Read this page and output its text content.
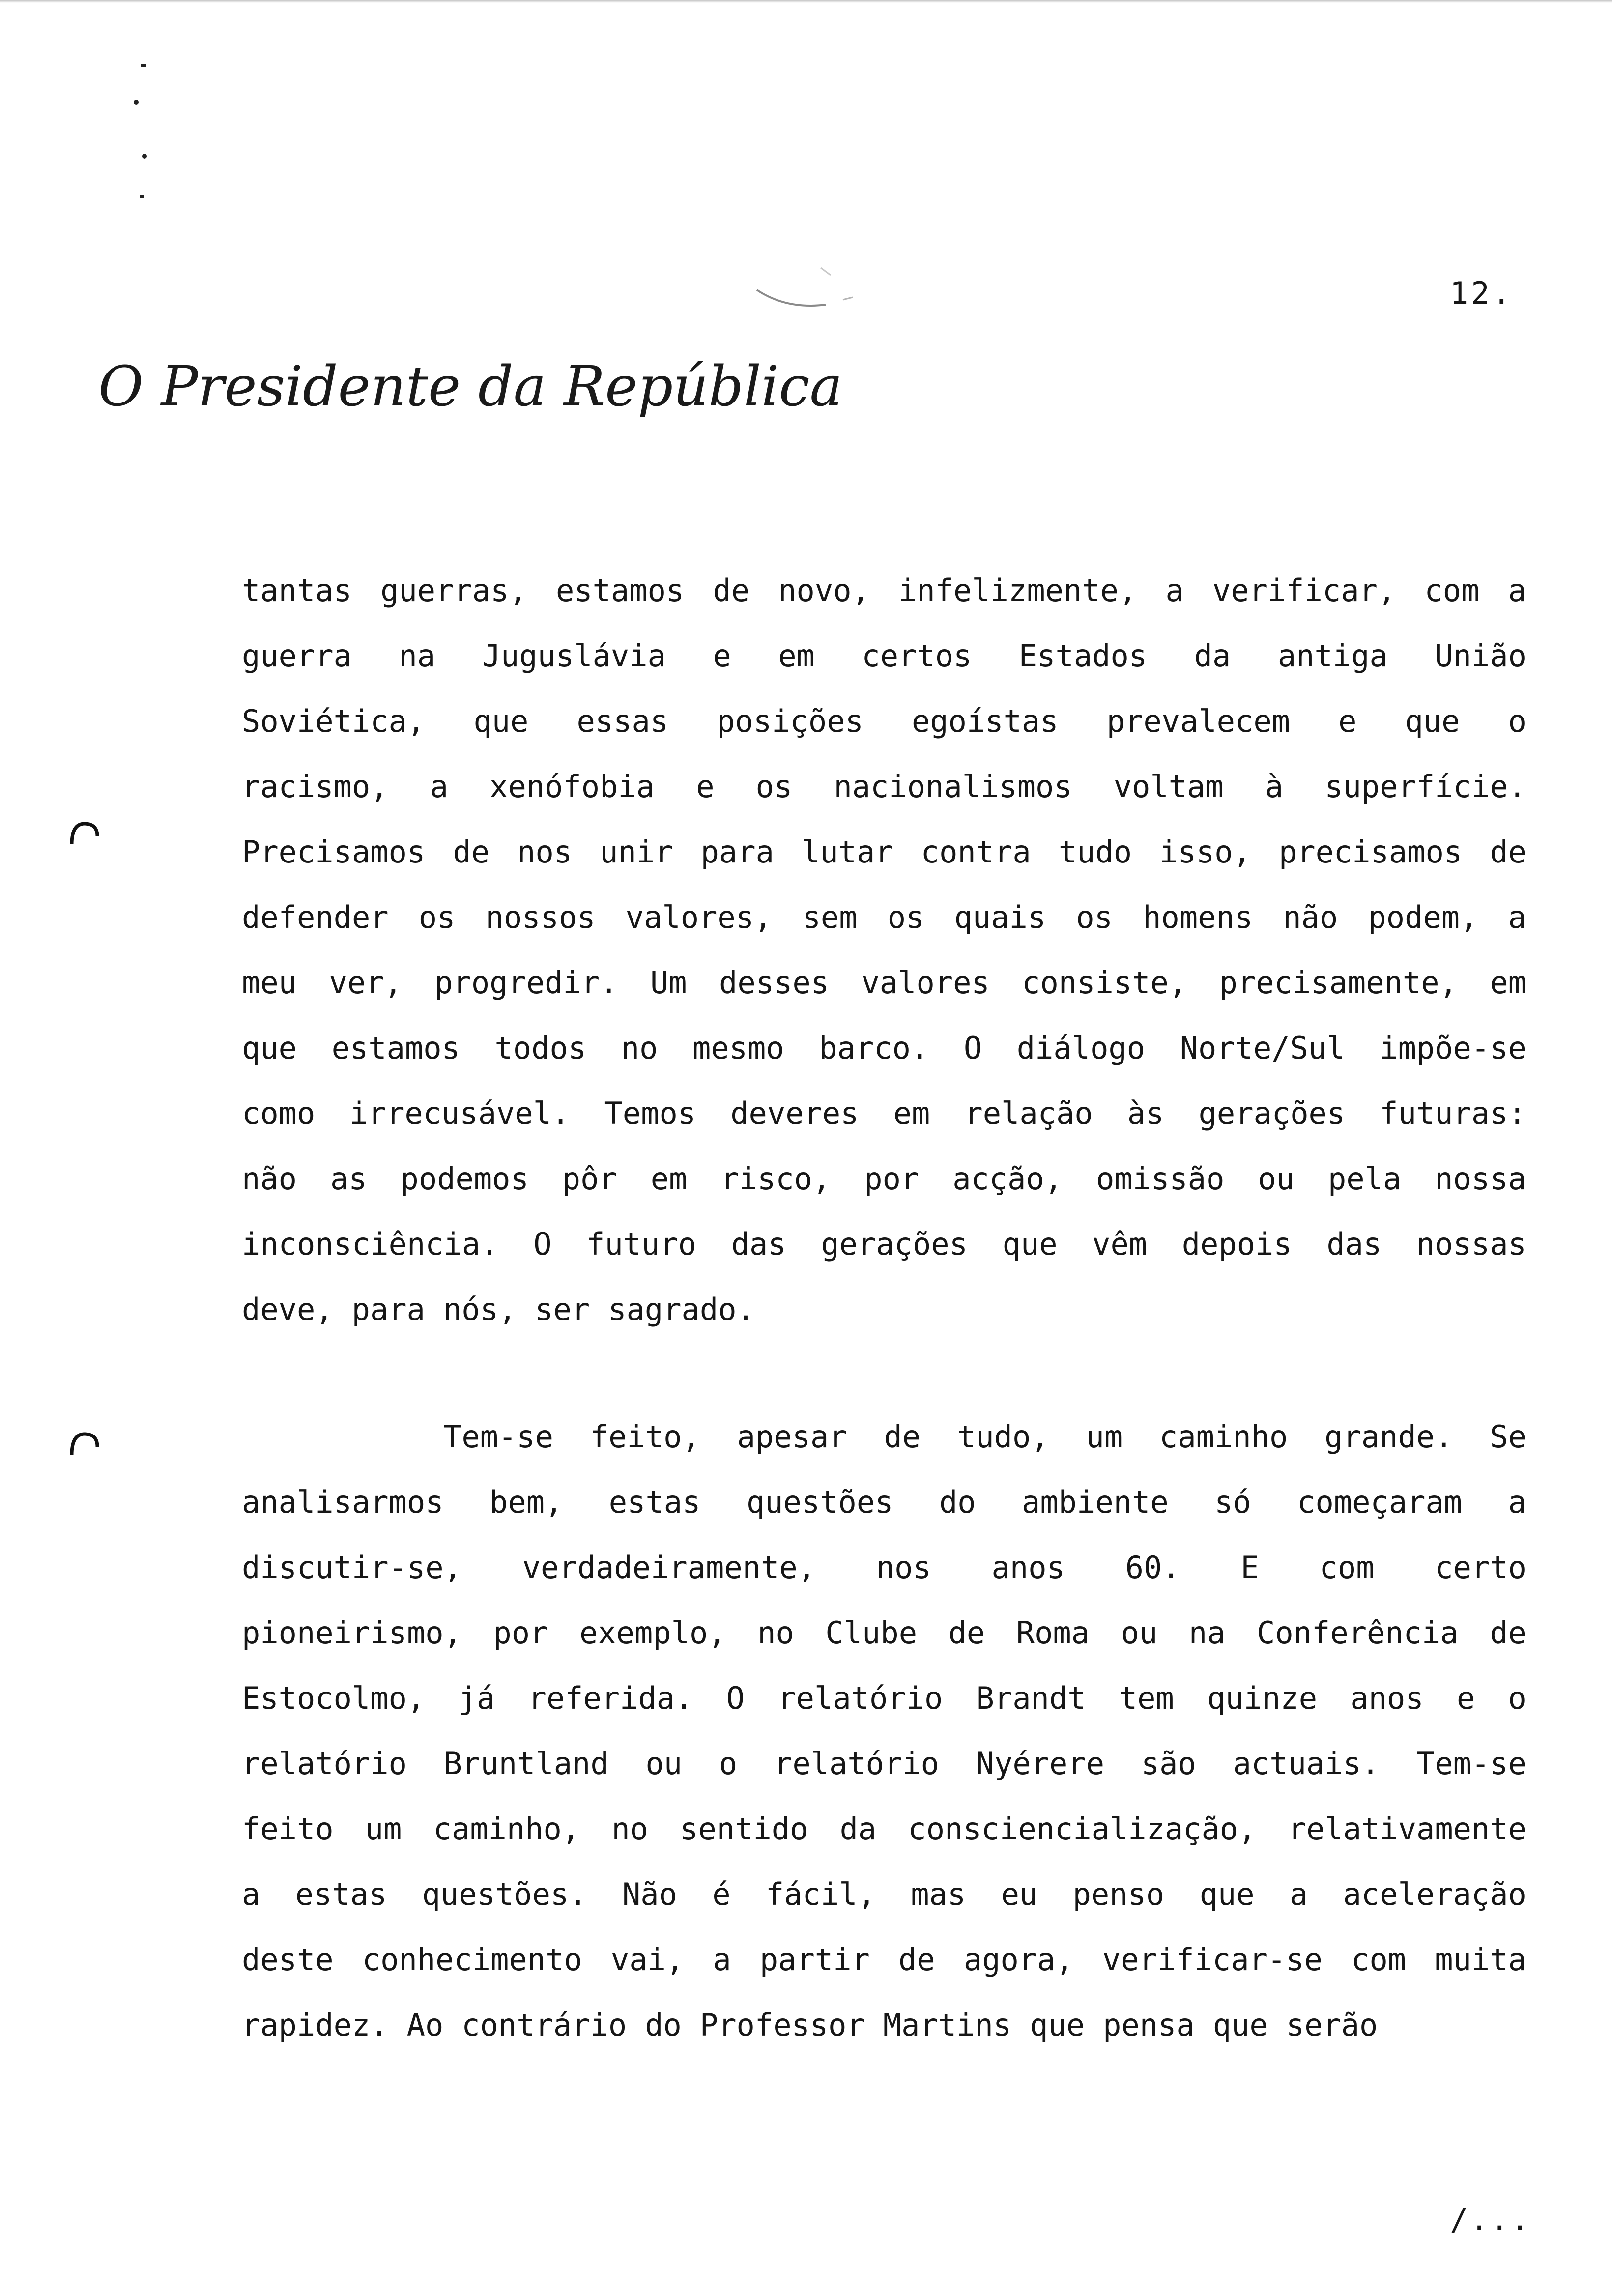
12.
O Presidente da República
tantas guerras, estamos de novo, infelizmente, a verificar, com a
guerra na Juguslávia e em certos Estados da antiga União
Soviética, que essas posições egoístas prevalecem e que o
racismo, a xenófobia e os nacionalismos voltam à superfície.
Precisamos de nos unir para lutar contra tudo isso, precisamos de
defender os nossos valores, sem os quais os homens não podem, a
meu ver, progredir. Um desses valores consiste, precisamente, em
que estamos todos no mesmo barco. O diálogo Norte/Sul impõe-se
como irrecusável. Temos deveres em relação às gerações futuras:
não as podemos pôr em risco, por acção, omissão ou pela nossa
inconsciência. O futuro das gerações que vêm depois das nossas
deve, para nós, ser sagrado.
Tem-se feito, apesar de tudo, um caminho grande. Se
analisarmos bem, estas questões do ambiente só começaram a
discutir-se, verdadeiramente, nos anos 60. E com certo
pioneirismo, por exemplo, no Clube de Roma ou na Conferência de
Estocolmo, já referida. O relatório Brandt tem quinze anos e o
relatório Bruntland ou o relatório Nyérere são actuais. Tem-se
feito um caminho, no sentido da consciencialização, relativamente
a estas questões. Não é fácil, mas eu penso que a aceleração
deste conhecimento vai, a partir de agora, verificar-se com muita
rapidez. Ao contrário do Professor Martins que pensa que serão
/...
